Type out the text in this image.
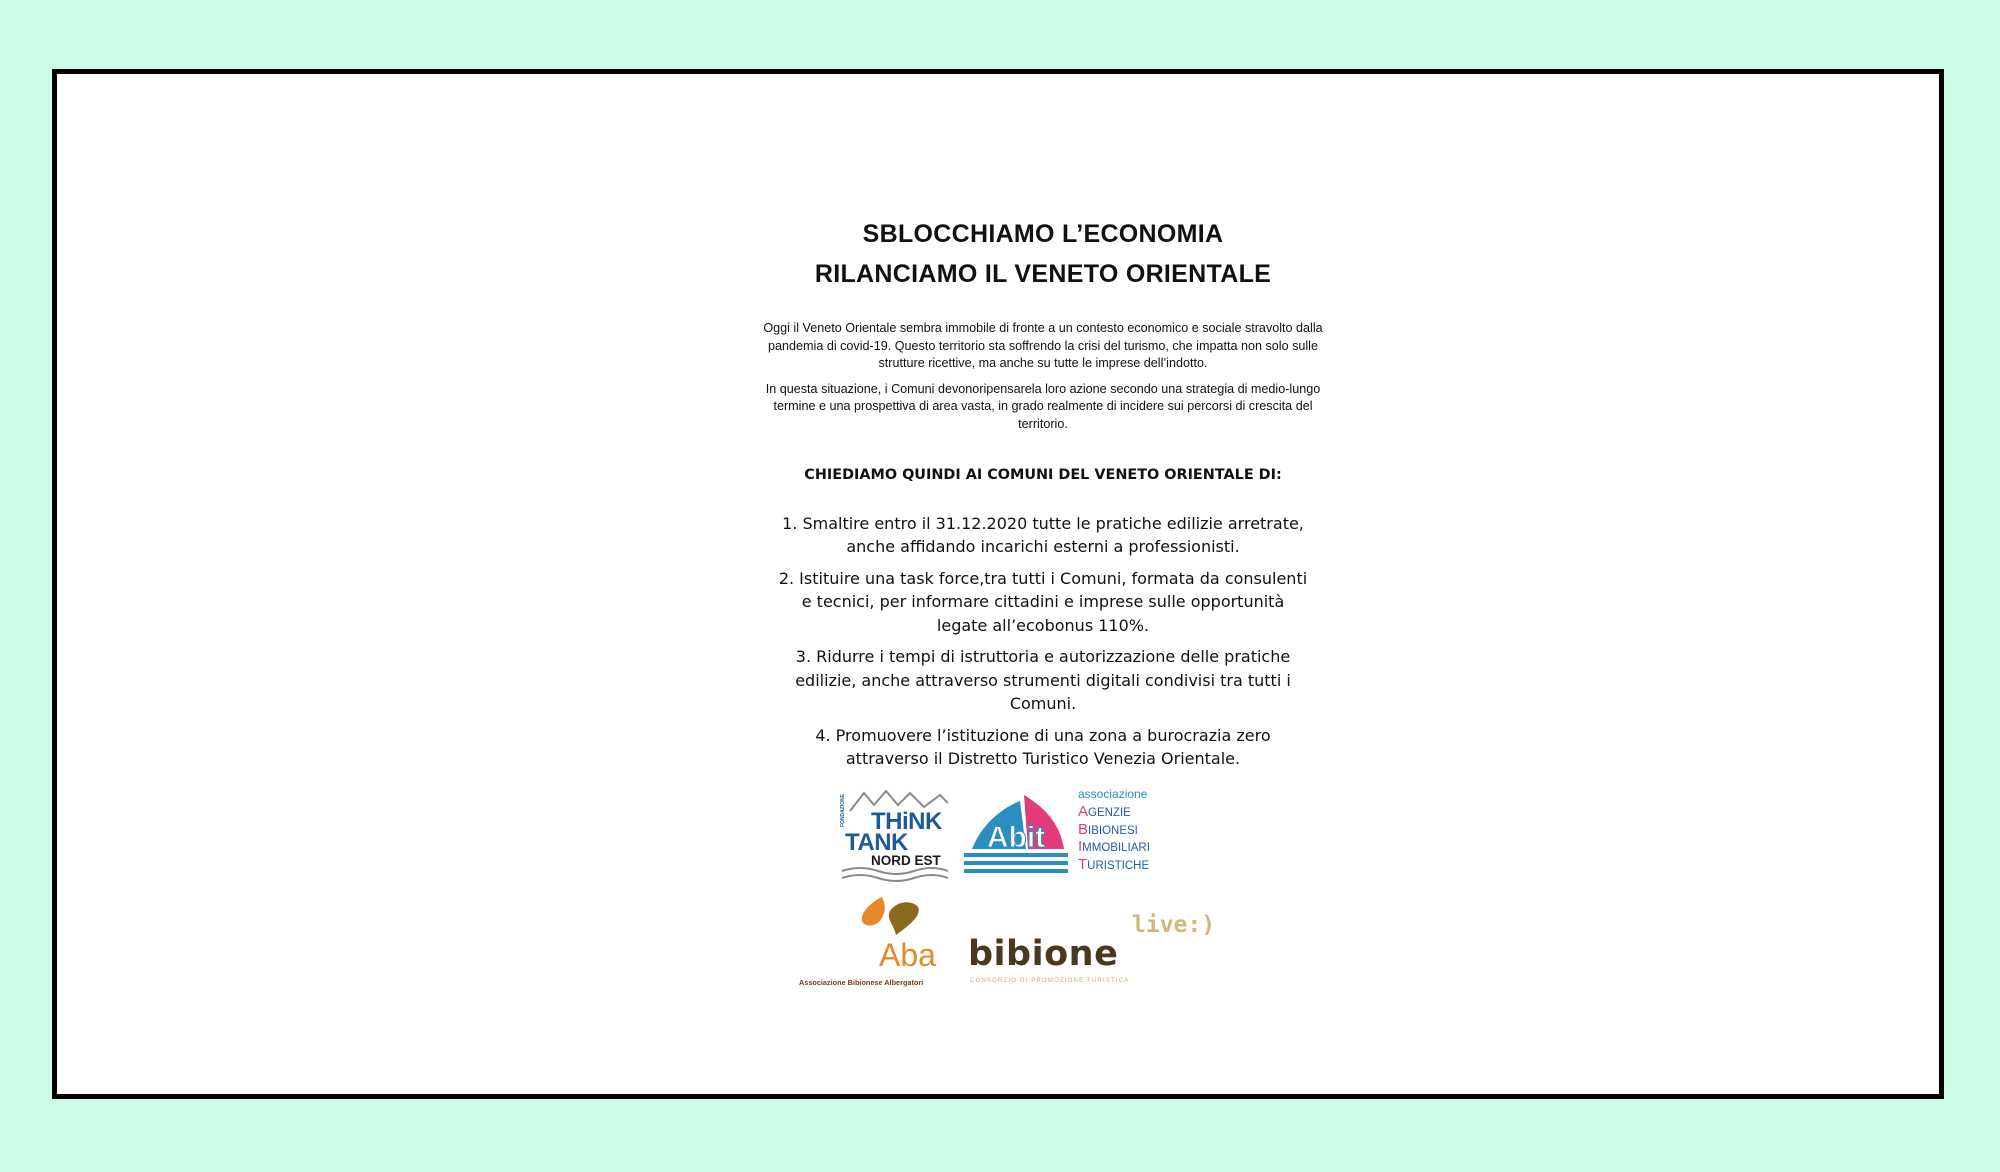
SBLOCCHIAMO L’ECONOMIA
RILANCIAMO IL VENETO ORIENTALE

Oggi il Veneto Orientale sembra immobile di fronte a un contesto economico e sociale stravolto dalla pandemia di covid-19. Questo territorio sta soffrendo la crisi del turismo, che impatta non solo sulle strutture ricettive, ma anche su tutte le imprese dell’indotto.

In questa situazione, i Comuni devonoripensarela loro azione secondo una strategia di medio-lungo termine e una prospettiva di area vasta, in grado realmente di incidere sui percorsi di crescita del territorio.

CHIEDIAMO QUINDI AI COMUNI DEL VENETO ORIENTALE DI:

1. Smaltire entro il 31.12.2020 tutte le pratiche edilizie arretrate, anche affidando incarichi esterni a professionisti.

2. Istituire una task force,tra tutti i Comuni, formata da consulenti e tecnici, per informare cittadini e imprese sulle opportunità legate all’ecobonus 110%.

3. Ridurre i tempi di istruttoria e autorizzazione delle pratiche edilizie, anche attraverso strumenti digitali condivisi tra tutti i Comuni.

4. Promuovere l’istituzione di una zona a burocrazia zero attraverso il Distretto Turistico Venezia Orientale.

FONDAZIONE THiNK
TANK
NORD EST
Abit
associazione
AGENZIE
BIBIONESI
IMMOBILIARI
TURISTICHE
Aba
Associazione Bibionese Albergatori
bibione
live:)
CONSORZIO DI PROMOZIONE TURISTICA
